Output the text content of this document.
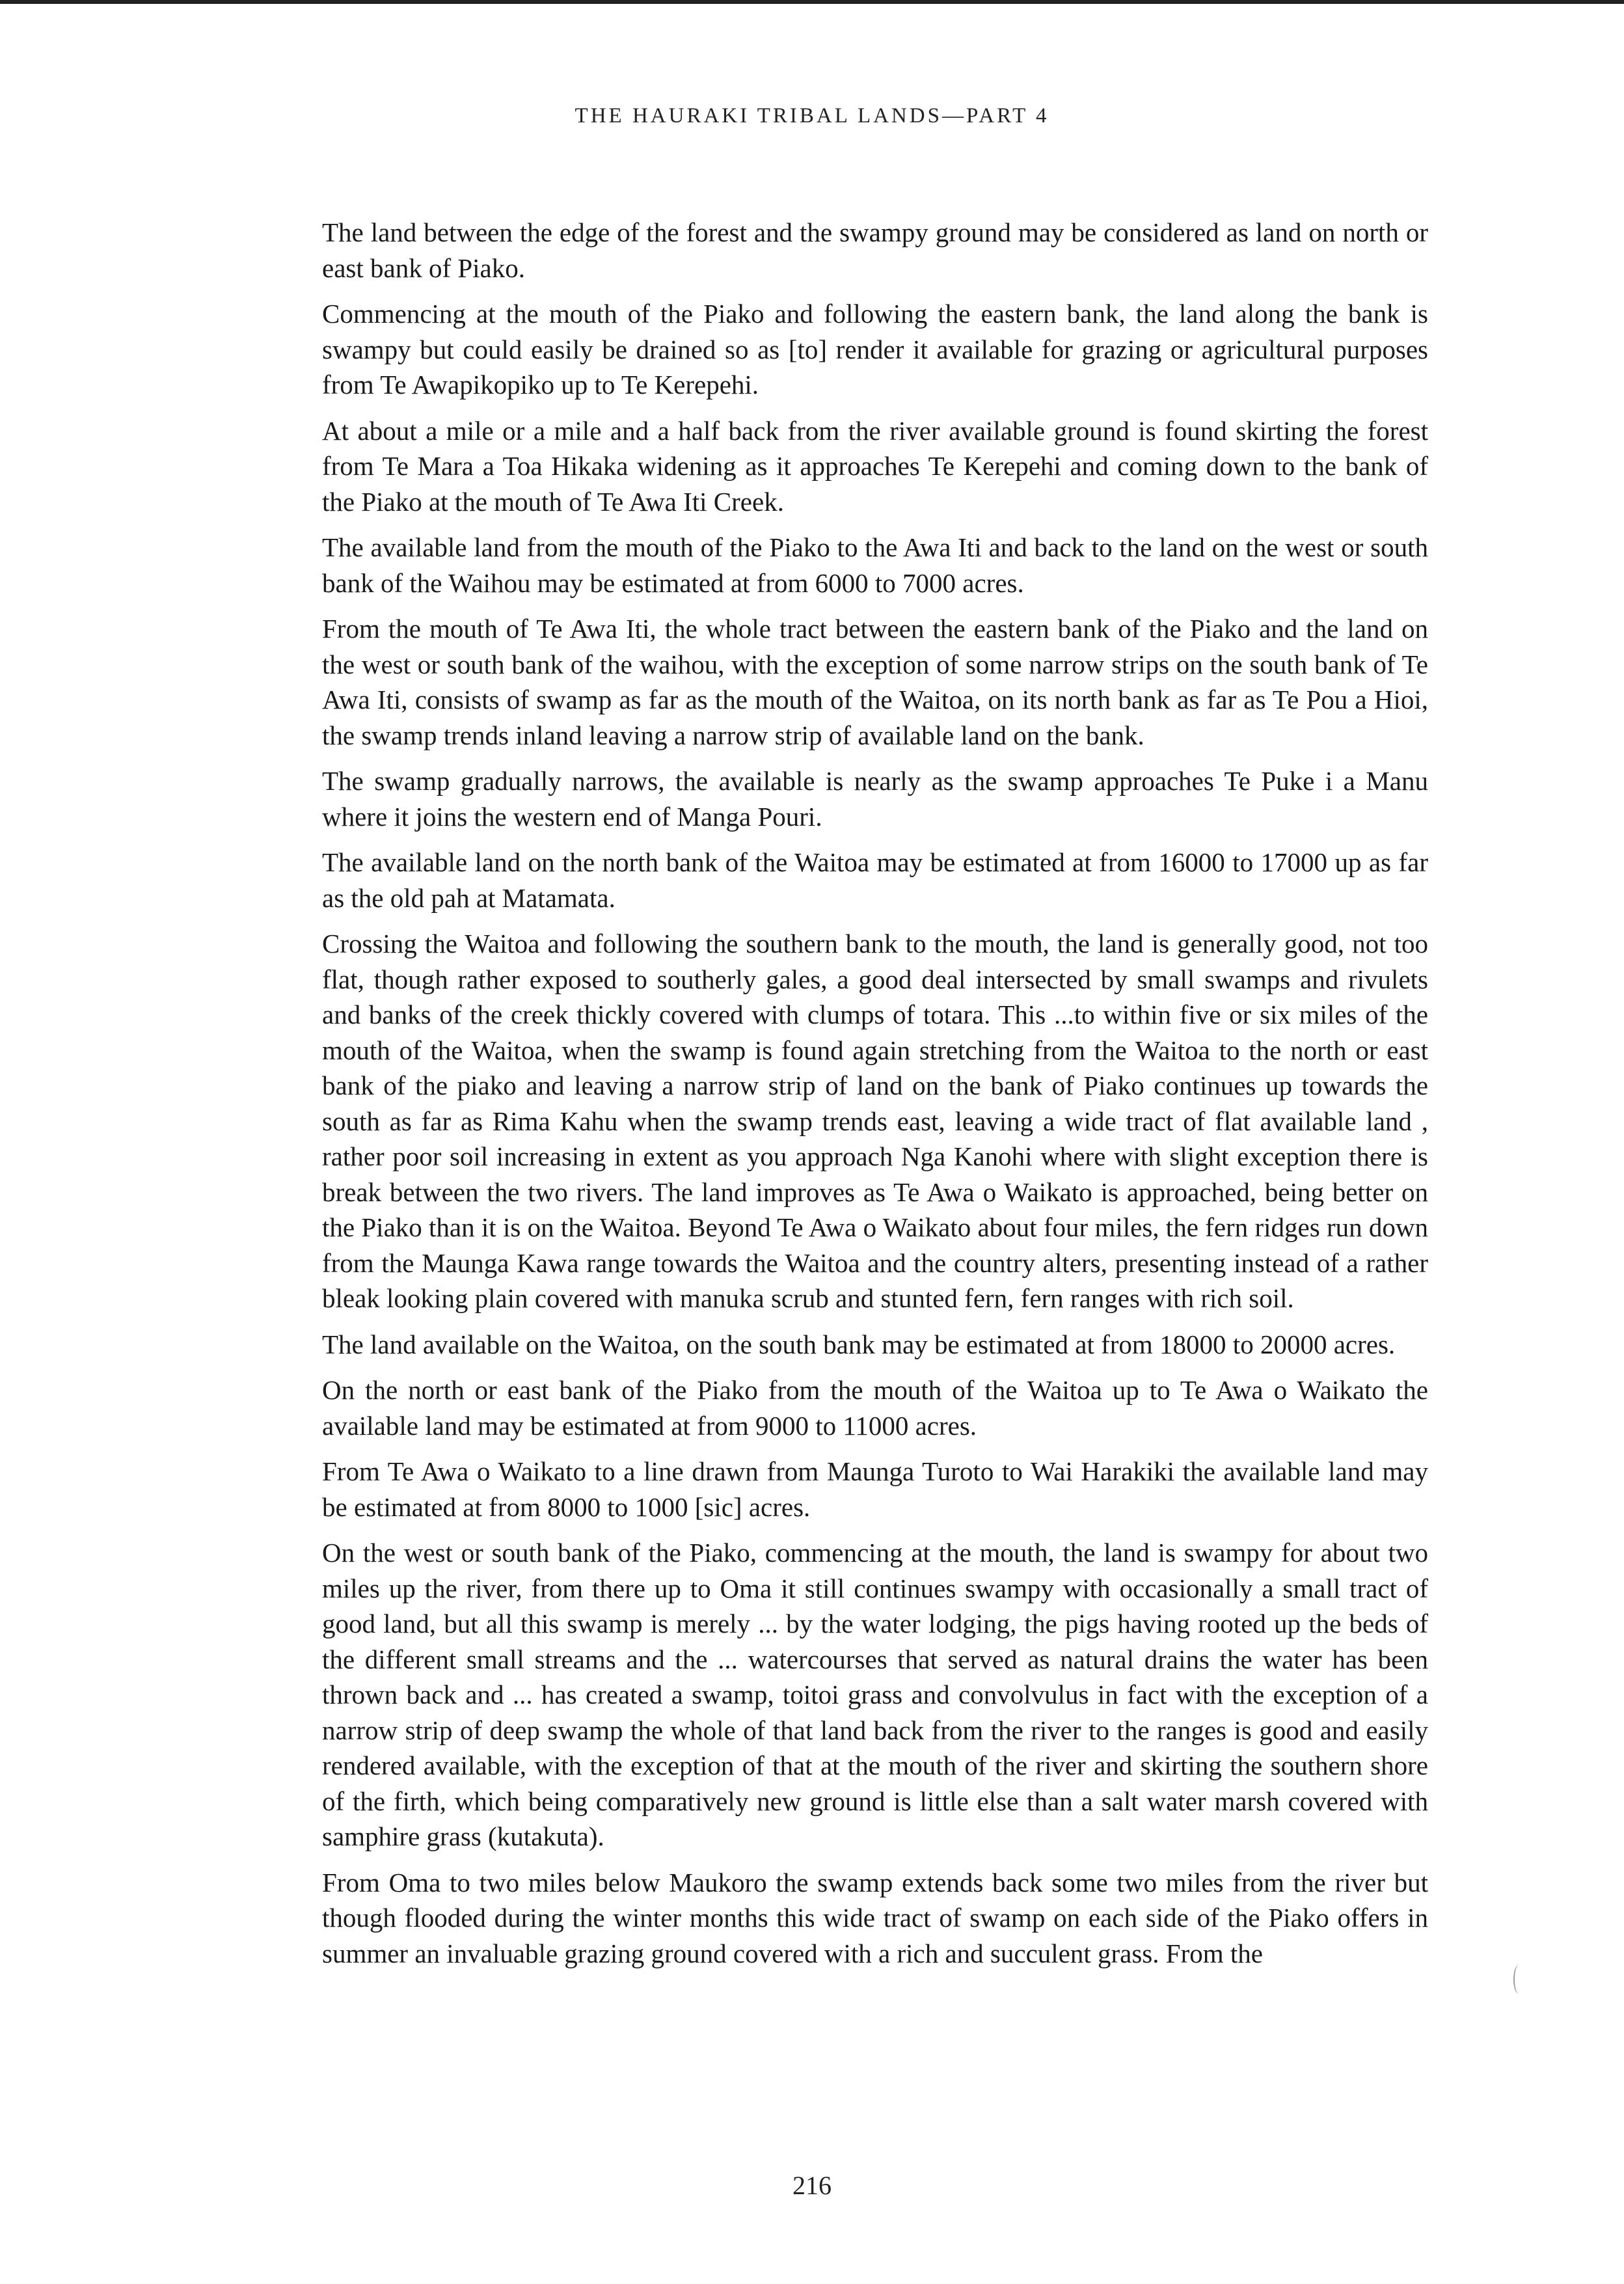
THE HAURAKI TRIBAL LANDS—PART 4

The land between the edge of the forest and the swampy ground may be considered as land on north or east bank of Piako.

Commencing at the mouth of the Piako and following the eastern bank, the land along the bank is swampy but could easily be drained so as [to] render it available for grazing or agricultural purposes from Te Awapikopiko up to Te Kerepehi.

At about a mile or a mile and a half back from the river available ground is found skirting the forest from Te Mara a Toa Hikaka widening as it approaches Te Kerepehi and coming down to the bank of the Piako at the mouth of Te Awa Iti Creek.

The available land from the mouth of the Piako to the Awa Iti and back to the land on the west or south bank of the Waihou may be estimated at from 6000 to 7000 acres.

From the mouth of Te Awa Iti, the whole tract between the eastern bank of the Piako and the land on the west or south bank of the waihou, with the exception of some narrow strips on the south bank of Te Awa Iti, consists of swamp as far as the mouth of the Waitoa, on its north bank as far as Te Pou a Hioi, the swamp trends inland leaving a narrow strip of available land on the bank.

The swamp gradually narrows, the available is nearly as the swamp approaches Te Puke i a Manu where it joins the western end of Manga Pouri.

The available land on the north bank of the Waitoa may be estimated at from 16000 to 17000 up as far as the old pah at Matamata.

Crossing the Waitoa and following the southern bank to the mouth, the land is generally good, not too flat, though rather exposed to southerly gales, a good deal intersected by small swamps and rivulets and banks of the creek thickly covered with clumps of totara. This ...to within five or six miles of the mouth of the Waitoa, when the swamp is found again stretching from the Waitoa to the north or east bank of the piako and leaving a narrow strip of land on the bank of Piako continues up towards the south as far as Rima Kahu when the swamp trends east, leaving a wide tract of flat available land , rather poor soil increasing in extent as you approach Nga Kanohi where with slight exception there is break between the two rivers. The land improves as Te Awa o Waikato is approached, being better on the Piako than it is on the Waitoa. Beyond Te Awa o Waikato about four miles, the fern ridges run down from the Maunga Kawa range towards the Waitoa and the country alters, presenting instead of a rather bleak looking plain covered with manuka scrub and stunted fern, fern ranges with rich soil.

The land available on the Waitoa, on the south bank may be estimated at from 18000 to 20000 acres.

On the north or east bank of the Piako from the mouth of the Waitoa up to Te Awa o Waikato the available land may be estimated at from 9000 to 11000 acres.

From Te Awa o Waikato to a line drawn from Maunga Turoto to Wai Harakiki the available land may be estimated at from 8000 to 1000 [sic] acres.

On the west or south bank of the Piako, commencing at the mouth, the land is swampy for about two miles up the river, from there up to Oma it still continues swampy with occasionally a small tract of good land, but all this swamp is merely ... by the water lodging, the pigs having rooted up the beds of the different small streams and the ... watercourses that served as natural drains the water has been thrown back and ... has created a swamp, toitoi grass and convolvulus in fact with the exception of a narrow strip of deep swamp the whole of that land back from the river to the ranges is good and easily rendered available, with the exception of that at the mouth of the river and skirting the southern shore of the firth, which being comparatively new ground is little else than a salt water marsh covered with samphire grass (kutakuta).

From Oma to two miles below Maukoro the swamp extends back some two miles from the river but though flooded during the winter months this wide tract of swamp on each side of the Piako offers in summer an invaluable grazing ground covered with a rich and succulent grass. From the

216
